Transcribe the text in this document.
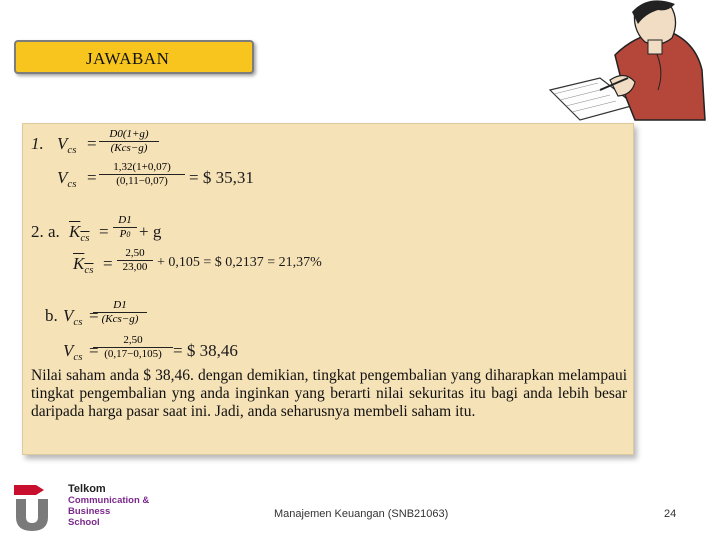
JAWABAN
1. $V_{cs}$ =	D0(1+g)
(Kcs−g)
$V_{cs} = \frac{1,32(1+0,07)}{(0,11-0,07)}$ = $ 35,31
2. a. $K_{cs} = \frac{D1}{P0} + g$
$K_{cs} = \frac{2,50}{23,00} + 0,105$ = $ 0,2137 = 21,37%
b. $V_{cs}$ =
D1
(Kcs−g)
$V_{cs}$ =
$\frac{2,50}{(0,17-0,105)}$ = $ 38,46
Nilai saham anda $ 38,46. dengan demikian, tingkat pengembalian yang diharapkan melampaui tingkat pengembalian yng anda inginkan yang berarti nilai sekuritas itu bagi anda lebih besar daripada harga pasar saat ini. Jadi, anda seharusnya membeli saham itu.
Telkom
Communication &
Business
School
Manajemen Keuangan (SNB21063)	24
